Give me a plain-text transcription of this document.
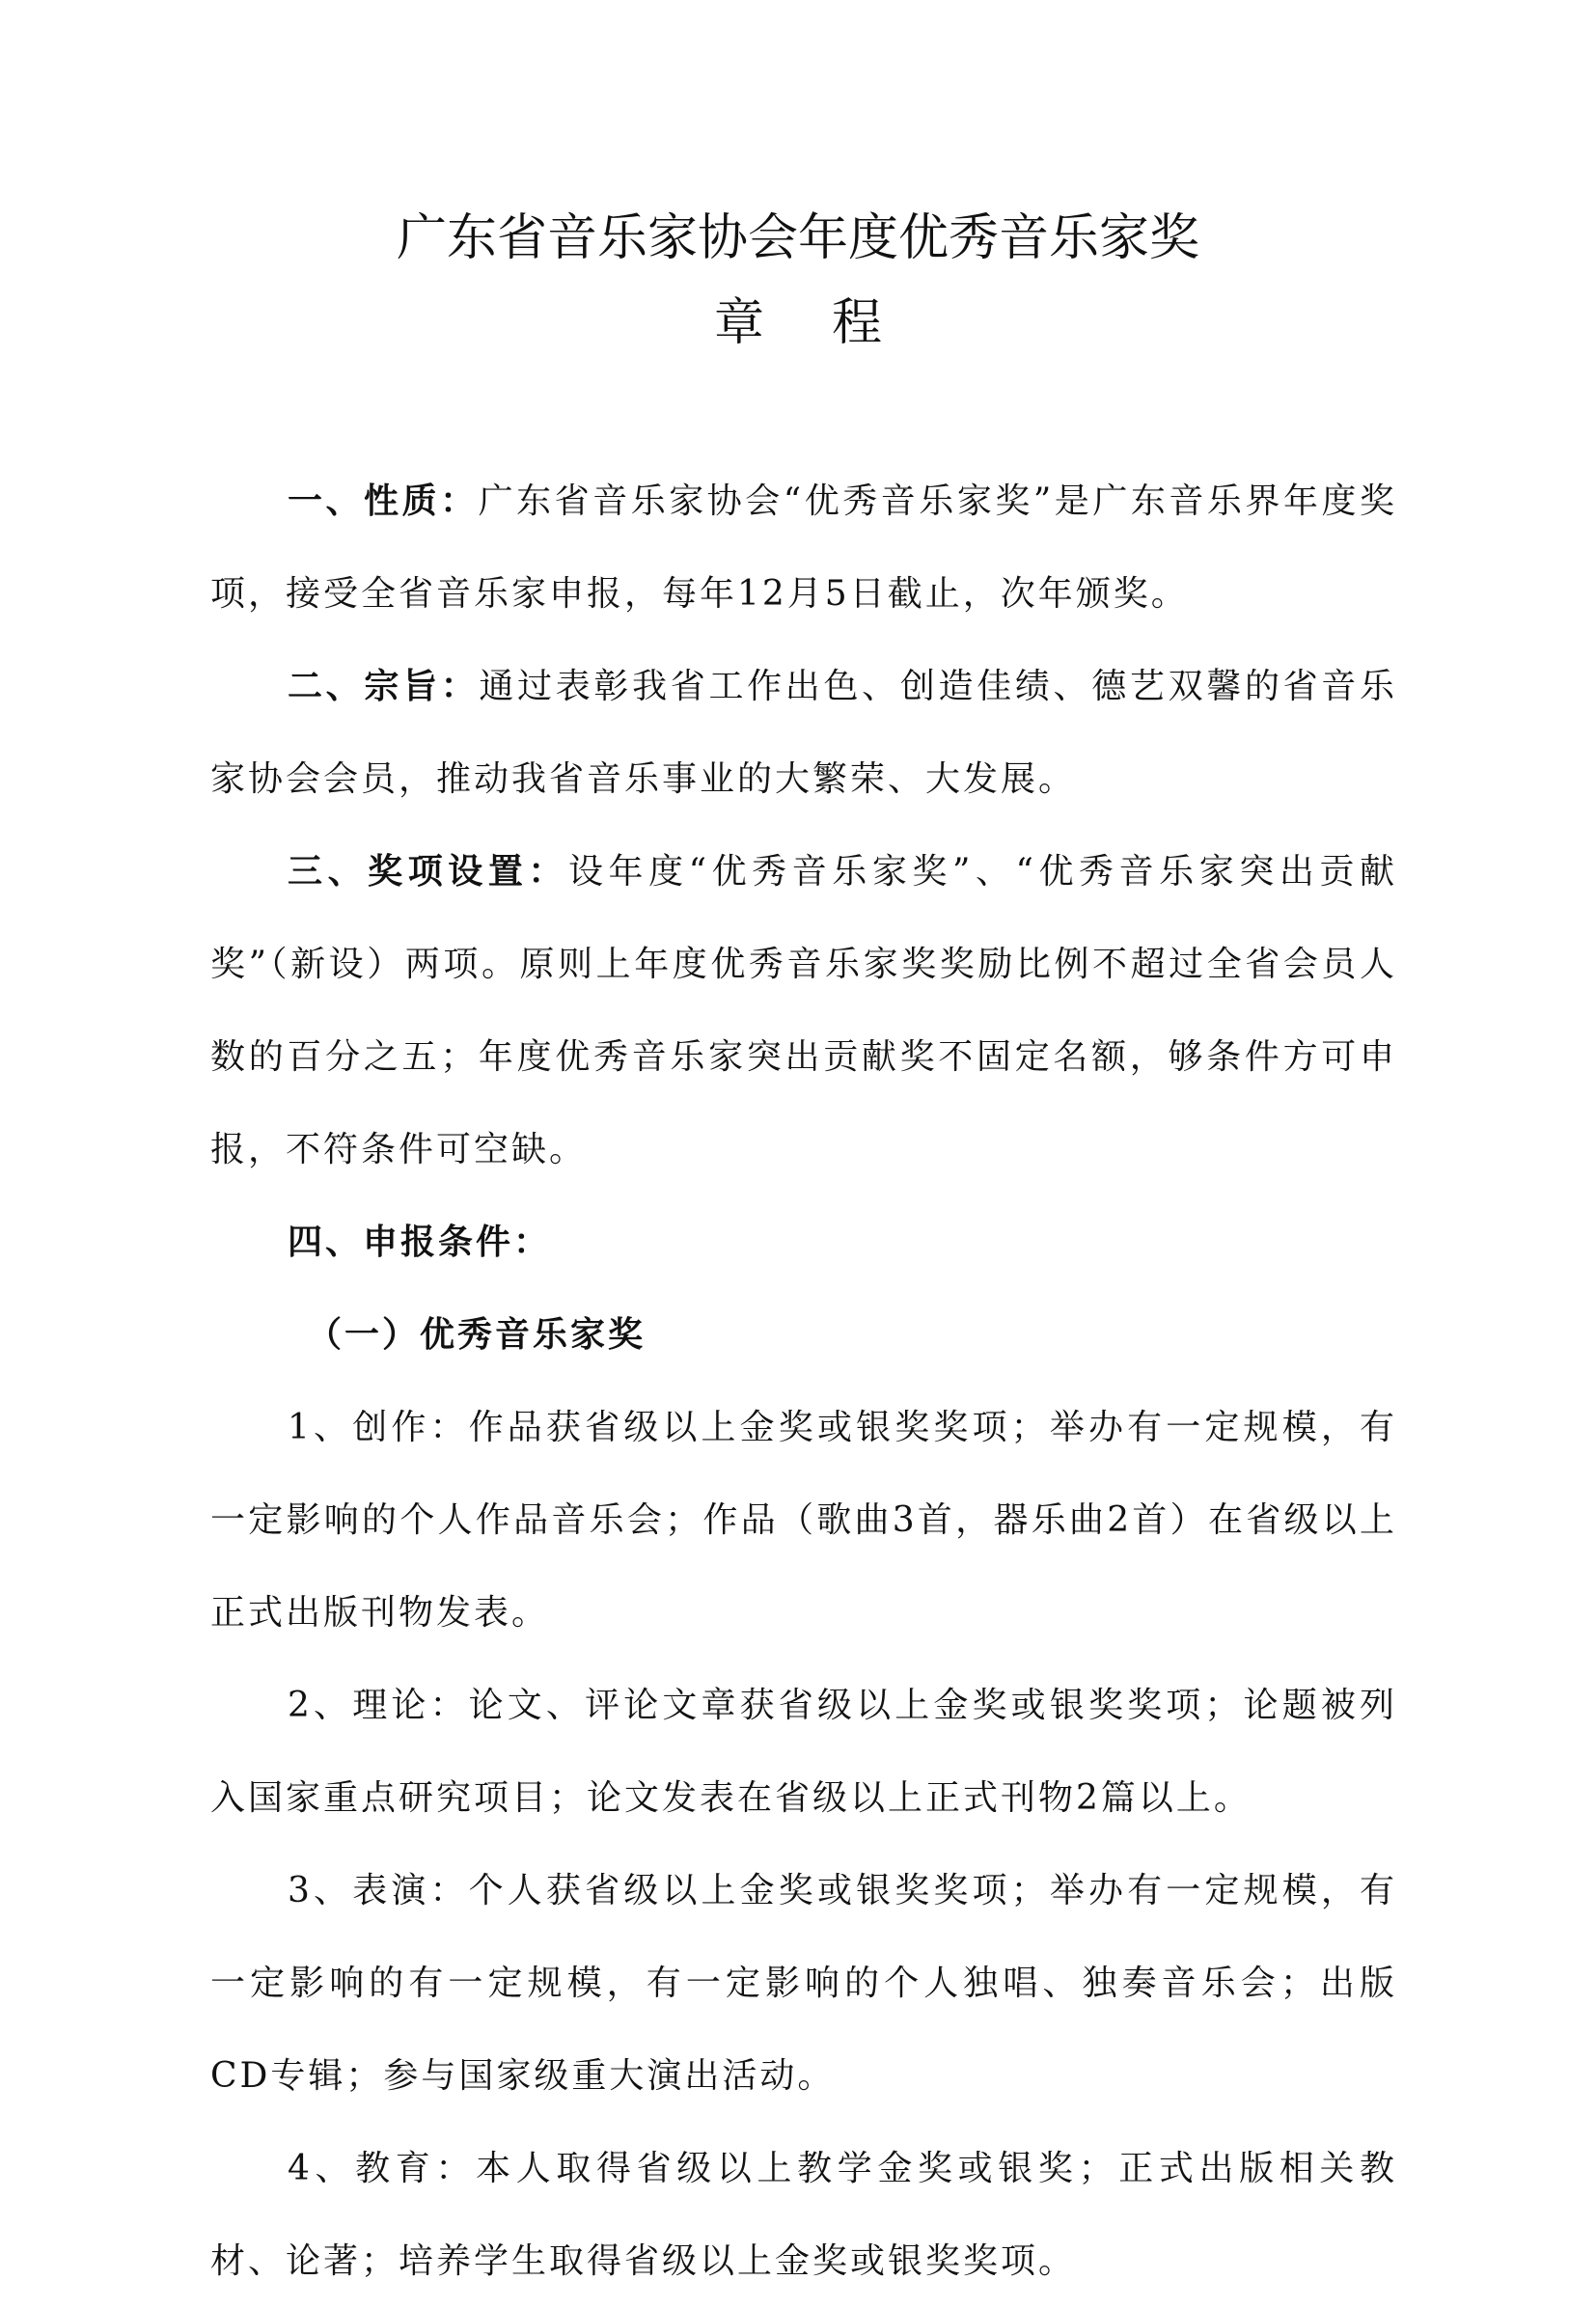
广东省音乐家协会年度优秀音乐家奖
章程

一、性质：广东省音乐家协会“优秀音乐家奖”是广东音乐界年度奖项，接受全省音乐家申报，每年12月5日截止，次年颁奖。

二、宗旨：通过表彰我省工作出色、创造佳绩、德艺双馨的省音乐家协会会员，推动我省音乐事业的大繁荣、大发展。

三、奖项设置：设年度“优秀音乐家奖”、“优秀音乐家突出贡献奖”（新设）两项。原则上年度优秀音乐家奖奖励比例不超过全省会员人数的百分之五；年度优秀音乐家突出贡献奖不固定名额，够条件方可申报，不符条件可空缺。

四、申报条件：

（一）优秀音乐家奖

1、创作：作品获省级以上金奖或银奖奖项；举办有一定规模，有一定影响的个人作品音乐会；作品（歌曲3首，器乐曲2首）在省级以上正式出版刊物发表。

2、理论：论文、评论文章获省级以上金奖或银奖奖项；论题被列入国家重点研究项目；论文发表在省级以上正式刊物2篇以上。

3、表演：个人获省级以上金奖或银奖奖项；举办有一定规模，有一定影响的有一定规模，有一定影响的个人独唱、独奏音乐会；出版CD专辑；参与国家级重大演出活动。

4、教育：本人取得省级以上教学金奖或银奖；正式出版相关教材、论著；培养学生取得省级以上金奖或银奖奖项。
